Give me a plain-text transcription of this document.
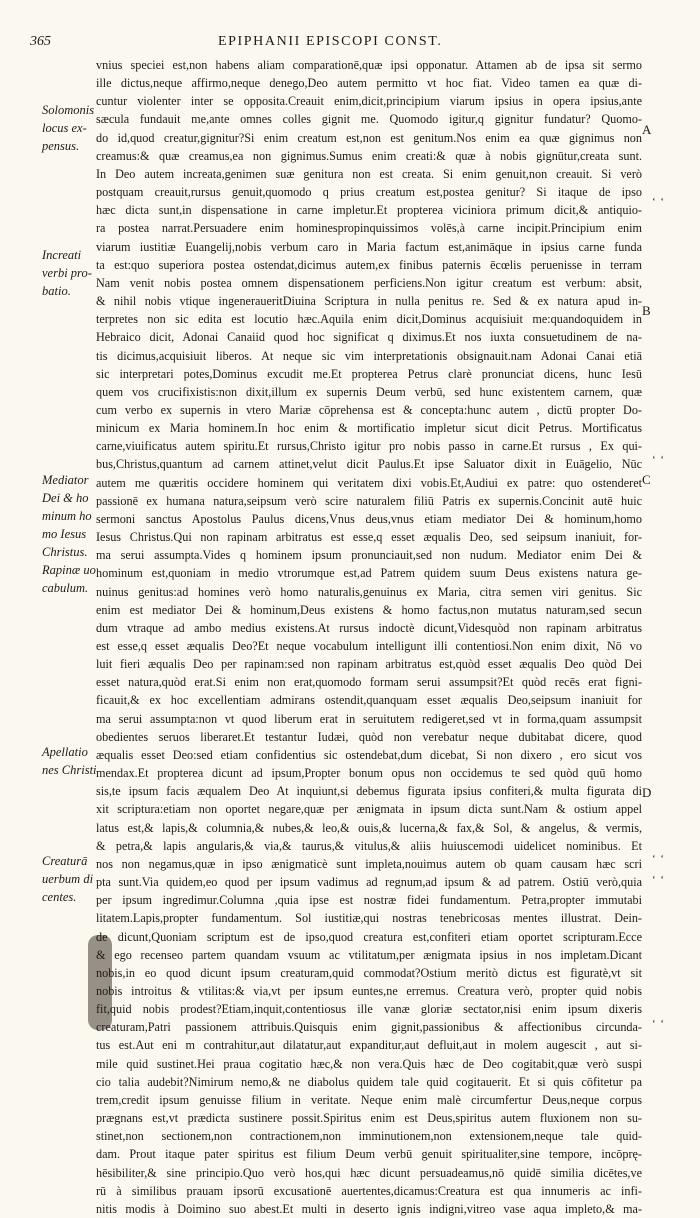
365	EPIPHANII EPISCOPI CONST.
Solomonis
locus ex-
pensus.
Increati
verbi pro-
batio.
Mediator
Dei & ho
minum ho
mo Iesus
Christus.
Rapinæ uo
cabulum.
Apellatio
nes Christi
Creaturā
uerbum di
centes.
A
B
C
D
‘ ‘
‘ ‘
‘ ‘
‘ ‘
‘ ‘
vnius speciei est,non habens aliam comparationē,quæ ipsi opponatur. Attamen ab de ipsa sit sermo
ille dictus,neque affirmo,neque denego,Deo autem permitto vt hoc fiat. Video tamen ea quæ di-
cuntur violenter inter se opposita.Creauit enim,dicit,principium viarum ipsius in opera ipsius,ante
sæcula fundauit me,ante omnes colles gignit me. Quomodo igitur,q gignitur fundatur? Quomo-
do id,quod creatur,gignitur?Si enim creatum est,non est genitum.Nos enim ea quæ gignimus non
creamus:& quæ creamus,ea non gignimus.Sumus enim creati:& quæ à nobis gignūtur,creata sunt.
In Deo autem increata,genimen suæ genitura non est creata. Si enim genuit,non creauit. Si verò
postquam creauit,rursus genuit,quomodo q prius creatum est,postea genitur? Si itaque de ipso
hæc dicta sunt,in dispensatione in carne impletur.Et propterea viciniora primum dicit,& antiquio-
ra postea narrat.Persuadere enim hominespropinquissimos volēs,à carne incipit.Principium enim
viarum iustitiæ Euangelij,nobis verbum caro in Maria factum est,animāque in ipsius carne funda
ta est:quo superiora postea ostendat,dicimus autem,ex finibus paternis ēcœlis peruenisse in terram
Nam venit nobis postea omnem dispensationem perficiens.Non igitur creatum est verbum: absit,
& nihil nobis vtique ingeneraueritDiuina Scriptura in nulla penitus re. Sed & ex natura apud in-
terpretes non sic edita est locutio hæc.Aquila enim dicit,Dominus acquisiuit me:quandoquidem in
Hebraico dicit, Adonai Canaiid quod hoc significat q diximus.Et nos iuxta consuetudinem de na-
tis dicimus,acquisiuit liberos. At neque sic vim interpretationis obsignauit.nam Adonai Canai etiā
sic interpretari potes,Dominus excudit me.Et propterea Petrus clarè pronunciat dicens, hunc Iesū
quem vos crucifixistis:non dixit,illum ex supernis Deum verbū, sed hunc existentem carnem, quæ
cum verbo ex supernis in vtero Mariæ cōprehensa est & concepta:hunc autem , dictū propter Do-
minicum ex Maria hominem.In hoc enim & mortificatio impletur sicut dicit Petrus. Mortificatus
carne,viuificatus autem spiritu.Et rursus,Christo igitur pro nobis passo in carne.Et rursus , Ex qui-
bus,Christus,quantum ad carnem attinet,velut dicit Paulus.Et ipse Saluator dixit in Euāgelio, Nūc
autem me quæritis occidere hominem qui veritatem dixi vobis.Et,Audiui ex patre: quo ostenderet
passionē ex humana natura,seipsum verò scire naturalem filiū Patris ex supernis.Concinit autē huic
sermoni sanctus Apostolus Paulus dicens,Vnus deus,vnus etiam mediator Dei & hominum,homo
Iesus Christus.Qui non rapinam arbitratus est esse,q esset æqualis Deo, sed seipsum inaniuit, for-
ma serui assumpta.Vides q hominem ipsum pronunciauit,sed non nudum. Mediator enim Dei &
hominum est,quoniam in medio vtrorumque est,ad Patrem quidem suum Deus existens natura ge-
nuinus genitus:ad homines verò homo naturalis,genuinus ex Maria, citra semen viri genitus. Sic
enim est mediator Dei & hominum,Deus existens & homo factus,non mutatus naturam,sed secun
dum vtraque ad ambo medius existens.At rursus indoctè dicunt,Videsquòd non rapinam arbitratus
est esse,q esset æqualis Deo?Et neque vocabulum intelligunt illi contentiosi.Non enim dixit, Nō vo
luit fieri æqualis Deo per rapinam:sed non rapinam arbitratus est,quòd esset æqualis Deo quòd Dei
esset natura,quòd erat.Si enim non erat,quomodo formam serui assumpsit?Et quòd recēs erat figni-
ficauit,& ex hoc excellentiam admirans ostendit,quanquam esset æqualis Deo,seipsum inaniuit for
ma serui assumpta:non vt quod liberum erat in seruitutem redigeret,sed vt in forma,quam assumpsit
obedientes seruos liberaret.Et testantur Iudæi, quòd non verebatur neque dubitabat dicere, quod
æqualis esset Deo:sed etiam confidentius sic ostendebat,dum dicebat, Si non dixero , ero sicut vos
mendax.Et propterea dicunt ad ipsum,Propter bonum opus non occidemus te sed quòd quū homo
sis,te ipsum facis æqualem Deo At inquiunt,si debemus figurata ipsius confiteri,& multa figurata di
xit scriptura:etiam non oportet negare,quæ per ænigmata in ipsum dicta sunt.Nam & ostium appel
latus est,& lapis,& columnia,& nubes,& leo,& ouis,& lucerna,& fax,& Sol, & angelus, & vermis,
& petra,& lapis angularis,& via,& taurus,& vitulus,& aliis huiuscemodi uidelicet nominibus. Et
nos non negamus,quæ in ipso ænigmaticè sunt impleta,nouimus autem ob quam causam hæc scri
pta sunt.Via quidem,eo quod per ipsum vadimus ad regnum,ad ipsum & ad patrem. Ostiū verò,quia
per ipsum ingredimur.Columna ,quia ipse est nostræ fidei fundamentum. Petra,propter immutabi
litatem.Lapis,propter fundamentum. Sol iustitiæ,qui nostras tenebricosas mentes illustrat. Dein-
de dicunt,Quoniam scriptum est de ipso,quod creatura est,confiteri etiam oportet scripturam.Ecce
& ego recenseo partem quandam vsuum ac vtilitatum,per ænigmata ipsius in nos impletam.Dicant
nobis,in eo quod dicunt ipsum creaturam,quid commodat?Ostium meritò dictus est figuratè,vt sit
nobis introitus & vtilitas:& via,vt per ipsum euntes,ne erremus. Creatura verò, propter quid nobis
fit,quid nobis prodest?Etiam,inquit,contentiosus ille vanæ gloriæ sectator,nisi enim ipsum dixeris
creaturam,Patri passionem attribuis.Quisquis enim gignit,passionibus & affectionibus circunda-
tus est.Aut eni m contrahitur,aut dilatatur,aut expanditur,aut defluit,aut in molem augescit , aut si-
mile quid sustinet.Hei praua cogitatio hæc,& non vera.Quis hæc de Deo cogitabit,quæ verò suspi
cio talia audebit?Nimirum nemo,& ne diabolus quidem tale quid cogitauerit. Et si quis cōfitetur pa
trem,credit ipsum genuisse filium in veritate. Neque enim malè circumfertur Deus,neque corpus
prægnans est,vt prædicta sustinere possit.Spiritus enim est Deus,spiritus autem fluxionem non su-
stinet,non sectionem,non contractionem,non imminutionem,non extensionem,neque tale quid-
dam. Prout itaque pater spiritus est filium Deum verbū genuit spiritualiter,sine tempore, incōprę-
hēsibiliter,& sine principio.Quo verò hos,qui hæc dicunt persuadeamus,nō quidē similia dicētes,ve
rū à similibus prauam ipsorū excusationē auertentes,dicamus:Creatura est qua innumeris ac infi-
nitis modis à Doimino suo abest.Et multi in deserto ignis indigni,vitreo vase aqua impleto,& ma-
